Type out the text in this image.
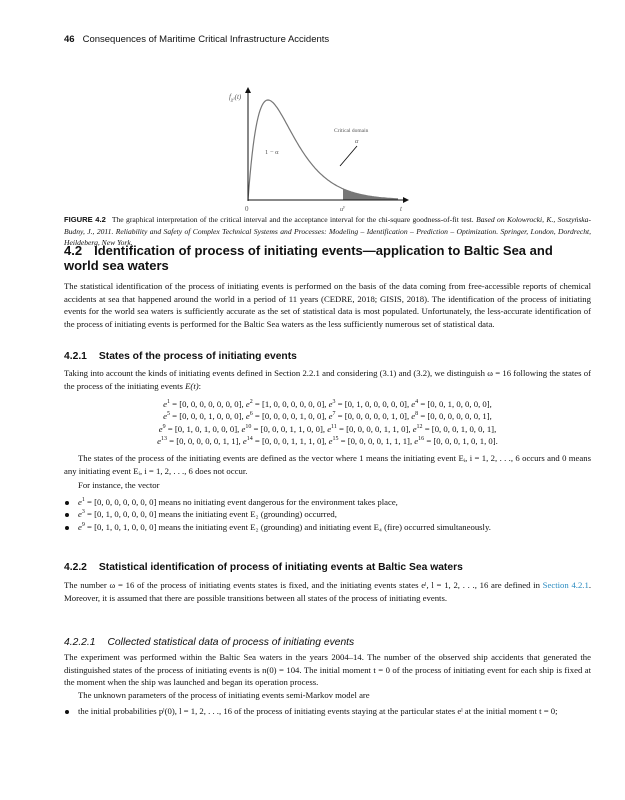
46 Consequences of Maritime Critical Infrastructure Accidents
$f_{\chi^2}(t)$
Critical domain
α
1 − α
0	$u^\gamma$	t
FIGURE 4.2 The graphical interpretation of the critical interval and the acceptance interval for the chi-square goodness-of-fit test. Based on Kolowrocki, K., Soszyńska-Budny, J., 2011. Reliability and Safety of Complex Technical Systems and Processes: Modeling – Identification – Prediction – Optimization. Springer, London, Dordrecht, Heildeberg, New York.
4.2 Identification of process of initiating events—application to Baltic Sea and world sea waters

The statistical identification of the process of initiating events is performed on the basis of the data coming from free-accessible reports of chemical accidents at sea that happened around the world in a period of 11 years (CEDRE, 2018; GISIS, 2018). The identification of the process of initiating events for the world sea waters is sufficiently accurate as the set of statistical data is most populated. Unfortunately, the less-accurate identification of the process of initiating events is performed for the Baltic Sea waters as the less sufficiently numerous set of statistical data.

4.2.1 States of the process of initiating events

Taking into account the kinds of initiating events defined in Section 2.2.1 and considering (3.1) and (3.2), we distinguish ω = 16 following the states of the process of the initiating events E(t):

$e^1 = [0$, 0, 0, 0, 0, 0, 0], $e^2 = [1$, 0, 0, 0, 0, 0, 0], $e^3 = [0$, 1, 0, 0, 0, 0, 0], $e^4 = [0$, 0, 1, 0, 0, 0, 0],
$e^5 = [0$, 0, 0, 1, 0, 0, 0], $e^6 = [0$, 0, 0, 0, 1, 0, 0], $e^7 = [0$, 0, 0, 0, 0, 1, 0], $e^8 = [0$, 0, 0, 0, 0, 0, 1],
$e^9 = [0$, 1, 0, 1, 0, 0, 0], $e^{10} = [0$, 0, 0, 1, 1, 0, 0], $e^{11} = [0$, 0, 0, 0, 1, 1, 0], $e^{12} = [0$, 0, 0, 1, 0, 0, 1],
$e^{13} = [0$, 0, 0, 0, 0, 1, 1], $e^{14} = [0$, 0, 0, 1, 1, 1, 0], $e^{15} = [0$, 0, 0, 0, 1, 1, 1], $e^{16} = [0$, 0, 0, 1, 0, 1, 0].

The states of the process of the initiating events are defined as the vector where 1 means the initiating event Eᵢ, i = 1, 2, . . ., 6 occurs and 0 means any initiating event Eᵢ, i = 1, 2, . . ., 6 does not occur.

For instance, the vector

$e^1 = [0$, 0, 0, 0, 0, 0, 0] means no initiating event dangerous for the environment takes place,
$e^3 = [0$, 1, 0, 0, 0, 0, 0] means the initiating event E₂ (grounding) occurred,
$e^9 = [0$, 1, 0, 1, 0, 0, 0] means the initiating event E₂ (grounding) and initiating event E₄ (fire) occurred simultaneously.
4.2.2 Statistical identification of process of initiating events at Baltic Sea waters

The number ω = 16 of the process of initiating events states is fixed, and the initiating events states eˡ, l = 1, 2, . . ., 16 are defined in Section 4.2.1. Moreover, it is assumed that there are possible transitions between all states of the process of initiating events.

4.2.2.1 Collected statistical data of process of initiating events

The experiment was performed within the Baltic Sea waters in the years 2004–14. The number of the observed ship accidents that generated the distinguished states of the process of initiating events is n(0) = 104. The initial moment t = 0 of the process of initiating event for each ship is fixed at the moment when the ship was launched and began its operation process.

The unknown parameters of the process of initiating events semi-Markov model are

the initial probabilities pˡ(0), l = 1, 2, . . ., 16 of the process of initiating events staying at the particular states eˡ at the initial moment t = 0;
